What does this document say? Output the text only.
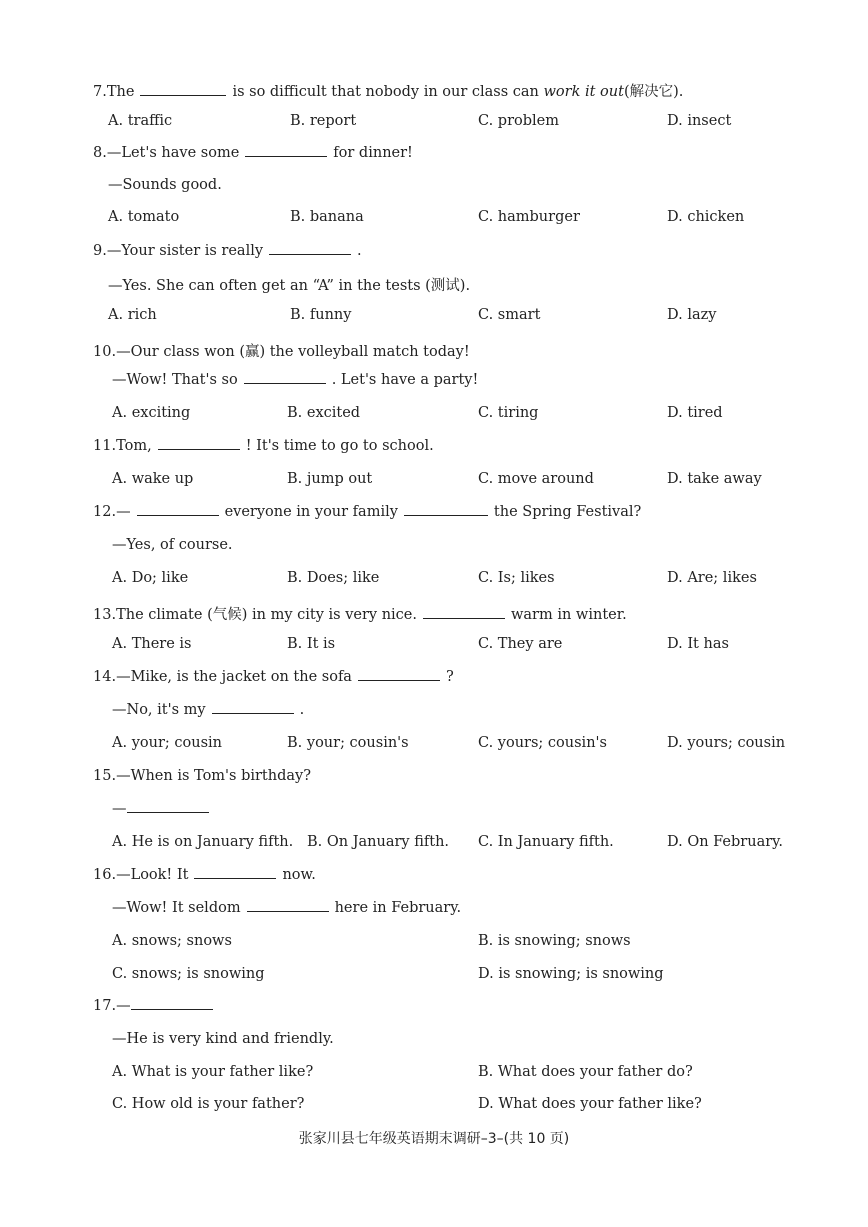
7.The	is so difficult that nobody in our class can work it out(解决它).
A. traffic	B. report	C. problem	D. insect
8.—Let's have some	for dinner!
—Sounds good.
A. tomato	B. banana	C. hamburger	D. chicken
9.—Your sister is really	.
—Yes. She can often get an “A” in the tests (测试).
A. rich	B. funny	C. smart	D. lazy
10.—Our class won (赢) the volleyball match today!
—Wow! That's so	. Let's have a party!
A. exciting	B. excited	C. tiring	D. tired
11.Tom,	! It's time to go to school.
A. wake up	B. jump out	C. move around	D. take away
12.—	everyone in your family	the Spring Festival?
—Yes, of course.
A. Do; like	B. Does; like	C. Is; likes	D. Are; likes
13.The climate (气候) in my city is very nice.	warm in winter.
A. There is	B. It is	C. They are	D. It has
14.—Mike, is the jacket on the sofa	?
—No, it's my	.
A. your; cousin	B. your; cousin's	C. yours; cousin's	D. yours; cousin
15.—When is Tom's birthday?
—
A. He is on January fifth. B. On January fifth. C. In January fifth.	D. On February.
16.—Look! It	now.
—Wow! It seldom	here in February.
A. snows; snows	B. is snowing; snows
C. snows; is snowing	D. is snowing; is snowing
17.—
—He is very kind and friendly.
A. What is your father like?	B. What does your father do?
C. How old is your father?	D. What does your father like?
张家川县七年级英语期末调研–3–(共 10 页)
